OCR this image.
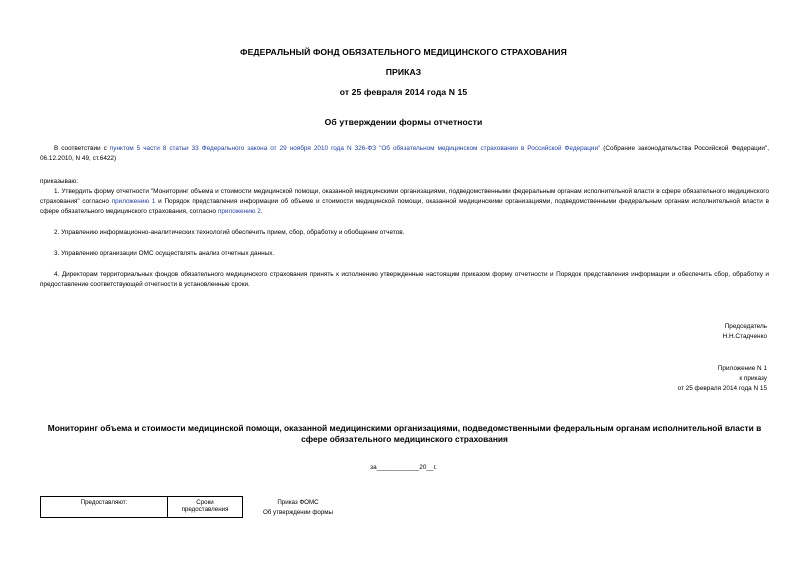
ФЕДЕРАЛЬНЫЙ ФОНД ОБЯЗАТЕЛЬНОГО МЕДИЦИНСКОГО СТРАХОВАНИЯ
ПРИКАЗ
от 25 февраля 2014 года N 15
Об утверждении формы отчетности
В соответствии с пунктом 5 части 8 статьи 33 Федерального закона от 29 ноября 2010 года N 326-ФЗ "Об обязательном медицинском страховании в Российской Федерации" (Собрание законодательства Российской Федерации", 06.12.2010, N 49, ст.6422)
приказываю:
1. Утвердить форму отчетности "Мониторинг объема и стоимости медицинской помощи, оказанной медицинскими организациями, подведомственными федеральным органам исполнительной власти в сфере обязательного медицинского страхования" согласно приложению 1 и Порядок представления информации об объеме и стоимости медицинской помощи, оказанной медицинскими организациями, подведомственными федеральным органам исполнительной власти в сфере обязательного медицинского страхования, согласно приложению 2.
2. Управлению информационно-аналитических технологий обеспечить прием, сбор, обработку и обобщение отчетов.
3. Управлению организации ОМС осуществлять анализ отчетных данных.
4. Директорам территориальных фондов обязательного медицинского страхования принять к исполнению утвержденные настоящим приказом форму отчетности и Порядок представления информации и обеспечить сбор, обработку и предоставление соответствующей отчетности в установленные сроки.
Председатель
Н.Н.Стадченко
Приложение N 1
к приказу
от 25 февраля 2014 года N 15
Мониторинг объема и стоимости медицинской помощи, оказанной медицинскими организациями, подведомственными федеральным органам исполнительной власти в сфере обязательного медицинского страхования
за____________20__г.
Предоставляют:	Сроки предоставления
Приказ ФОМС
Об утверждении формы
